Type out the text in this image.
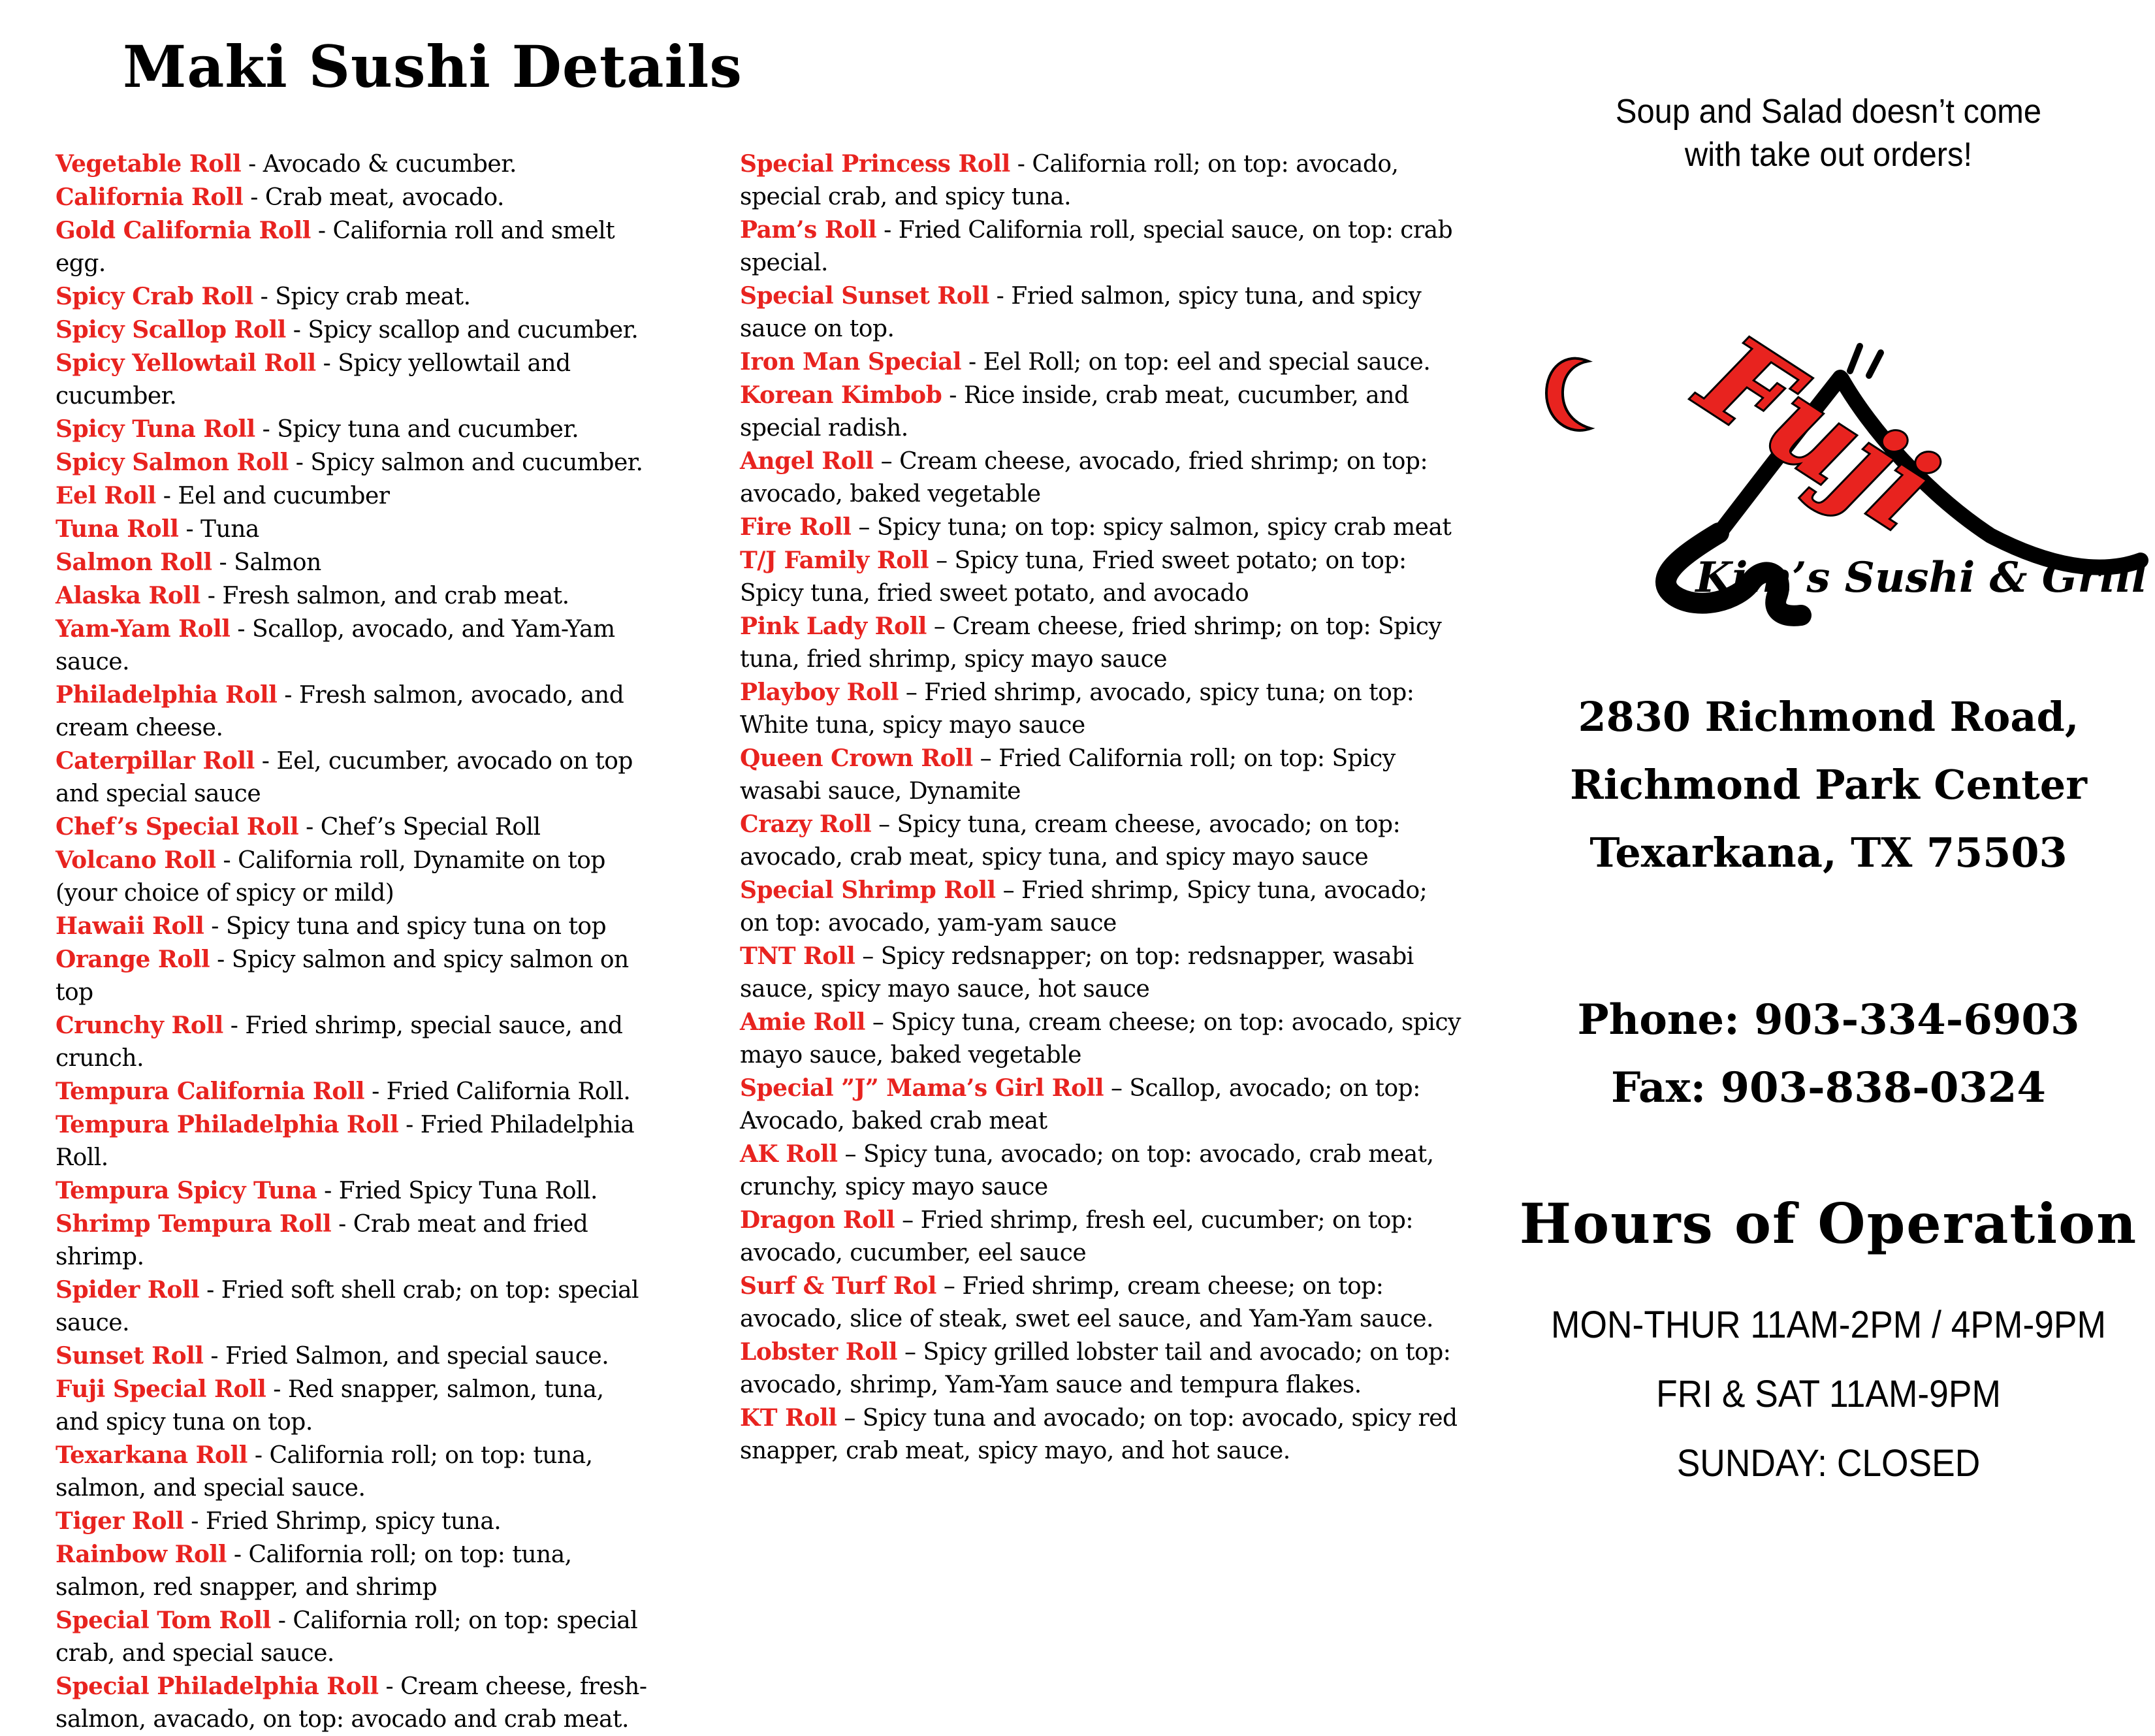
Maki Sushi Details

Vegetable Roll - Avocado & cucumber.

California Roll - Crab meat, avocado.

Gold California Roll - California roll and smelt egg.

Spicy Crab Roll - Spicy crab meat.

Spicy Scallop Roll - Spicy scallop and cucumber.

Spicy Yellowtail Roll - Spicy yellowtail and cucumber.

Spicy Tuna Roll - Spicy tuna and cucumber.

Spicy Salmon Roll - Spicy salmon and cucumber.

Eel Roll - Eel and cucumber

Tuna Roll - Tuna

Salmon Roll - Salmon

Alaska Roll - Fresh salmon, and crab meat.

Yam-Yam Roll - Scallop, avocado, and Yam-Yam sauce.

Philadelphia Roll - Fresh salmon, avocado, and cream cheese.

Caterpillar Roll - Eel, cucumber, avocado on top and special sauce

Chef’s Special Roll - Chef’s Special Roll

Volcano Roll - California roll, Dynamite on top (your choice of spicy or mild)

Hawaii Roll - Spicy tuna and spicy tuna on top

Orange Roll - Spicy salmon and spicy salmon on top

Crunchy Roll - Fried shrimp, special sauce, and crunch.

Tempura California Roll - Fried California Roll.

Tempura Philadelphia Roll - Fried Philadelphia Roll.

Tempura Spicy Tuna - Fried Spicy Tuna Roll.

Shrimp Tempura Roll - Crab meat and fried shrimp.

Spider Roll - Fried soft shell crab; on top: special sauce.

Sunset Roll - Fried Salmon, and special sauce.

Fuji Special Roll - Red snapper, salmon, tuna, and spicy tuna on top.

Texarkana Roll - California roll; on top: tuna, salmon, and special sauce.

Tiger Roll - Fried Shrimp, spicy tuna.

Rainbow Roll - California roll; on top: tuna, salmon, red snapper, and shrimp

Special Tom Roll - California roll; on top: special crab, and special sauce.

Special Philadelphia Roll - Cream cheese, fresh-salmon, avacado, on top: avocado and crab meat.

Special Princess Roll - California roll; on top: avocado, special crab, and spicy tuna.

Pam’s Roll - Fried California roll, special sauce, on top: crab special.

Special Sunset Roll - Fried salmon, spicy tuna, and spicy sauce on top.

Iron Man Special - Eel Roll; on top: eel and special sauce.

Korean Kimbob - Rice inside, crab meat, cucumber, and special radish.

Angel Roll – Cream cheese, avocado, fried shrimp; on top: avocado, baked vegetable

Fire Roll – Spicy tuna; on top: spicy salmon, spicy crab meat

T/J Family Roll – Spicy tuna, Fried sweet potato; on top: Spicy tuna, fried sweet potato, and avocado

Pink Lady Roll – Cream cheese, fried shrimp; on top: Spicy tuna, fried shrimp, spicy mayo sauce

Playboy Roll – Fried shrimp, avocado, spicy tuna; on top: White tuna, spicy mayo sauce

Queen Crown Roll – Fried California roll; on top: Spicy wasabi sauce, Dynamite

Crazy Roll – Spicy tuna, cream cheese, avocado; on top: avocado, crab meat, spicy tuna, and spicy mayo sauce

Special Shrimp Roll – Fried shrimp, Spicy tuna, avocado; on top: avocado, yam-yam sauce

TNT Roll – Spicy redsnapper; on top: redsnapper, wasabi sauce, spicy mayo sauce, hot sauce

Amie Roll – Spicy tuna, cream cheese; on top: avocado, spicy mayo sauce, baked vegetable

Special ”J” Mama’s Girl Roll – Scallop, avocado; on top: Avocado, baked crab meat

AK Roll – Spicy tuna, avocado; on top: avocado, crab meat, crunchy, spicy mayo sauce

Dragon Roll – Fried shrimp, fresh eel, cucumber; on top: avocado, cucumber, eel sauce

Surf & Turf Rol – Fried shrimp, cream cheese; on top: avocado, slice of steak, swet eel sauce, and Yam-Yam sauce.

Lobster Roll – Spicy grilled lobster tail and avocado; on top: avocado, shrimp, Yam-Yam sauce and tempura flakes.

KT Roll – Spicy tuna and avocado; on top: avocado, spicy red snapper, crab meat, spicy mayo, and hot sauce.

Soup and Salad doesn’t come with take out orders!
Fuji
Kim’s Sushi & Grill
2830 Richmond Road,
Richmond Park Center
Texarkana, TX 75503
Phone: 903-334-6903
Fax: 903-838-0324
Hours of Operation
MON-THUR 11AM-2PM / 4PM-9PM
FRI & SAT 11AM-9PM
SUNDAY: CLOSED
